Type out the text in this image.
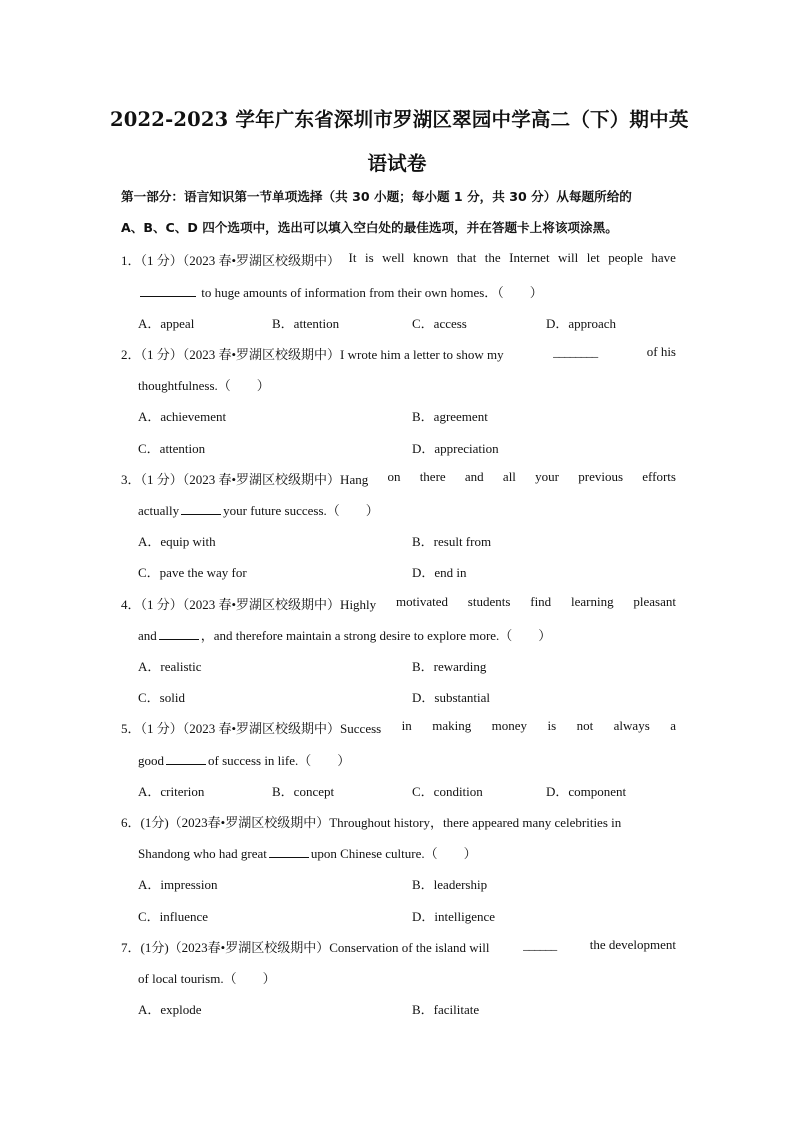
2022-2023 学年广东省深圳市罗湖区翠园中学高二（下）期中英
语试卷
第一部分：语言知识第一节单项选择（共 30 小题；每小题 1 分，共 30 分）从每题所给的
A、B、C、D 四个选项中，选出可以填入空白处的最佳选项，并在答题卡上将该项涂黑。
1．（1 分）（2023 春•罗湖区校级期中） It is well known that the Internet will let people have
to huge amounts of information from their own homes．（　　）
A．appeal	B．attention	C．access	D．approach
2．（1 分）（2023 春•罗湖区校级期中）I wrote him a letter to show my	________	of his
thoughtfulness.（　　）
A．achievement	B．agreement
C．attention	D．appreciation
3．（1 分）（2023 春•罗湖区校级期中）Hang on there and all your previous efforts
actually	your future success.（　　）
A．equip with	B．result from
C．pave the way for	D．end in
4．（1 分）（2023 春•罗湖区校级期中）Highly motivated students find learning pleasant
and	，and therefore maintain a strong desire to explore more.（　　）
A．realistic	B．rewarding
C．solid	D．substantial
5．（1 分）（2023 春•罗湖区校级期中）Success in making money is not always a
good	of success in life.（　　）
A．criterion	B．concept	C．condition	D．component
6．(1分)（2023春•罗湖区校级期中）Throughout history，there appeared many celebrities in
Shandong who had great	upon Chinese culture.（　　）
A．impression	B．leadership
C．influence	D．intelligence
7．(1分)（2023春•罗湖区校级期中）Conservation of the island will	______	the development
of local tourism.（　　）
A．explode	B．facilitate
